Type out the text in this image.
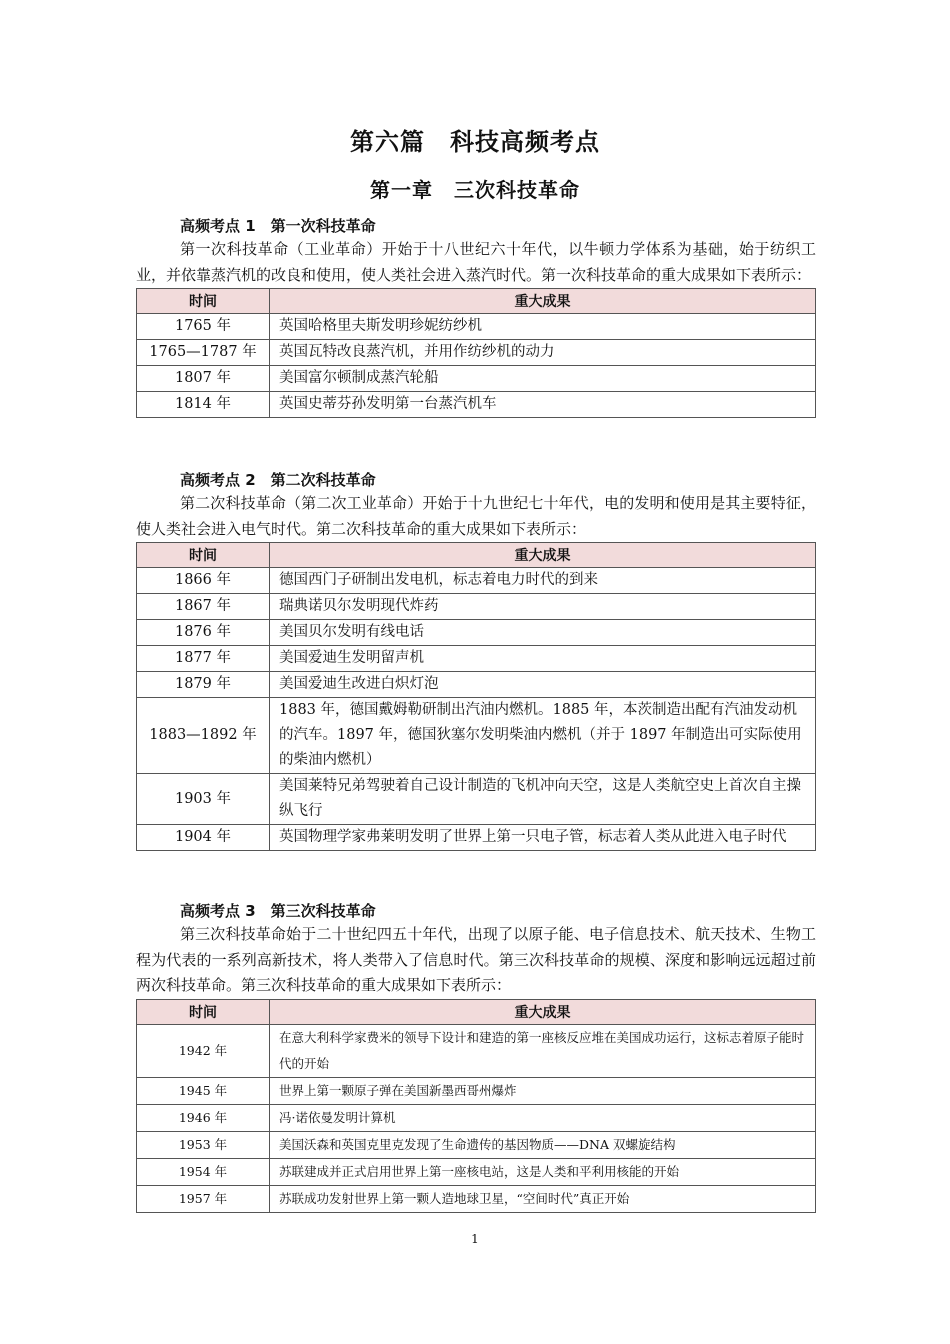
第六篇　科技高频考点
第一章　三次科技革命
高频考点 1　第一次科技革命

第一次科技革命（工业革命）开始于十八世纪六十年代，以牛顿力学体系为基础，始于纺织工业，并依靠蒸汽机的改良和使用，使人类社会进入蒸汽时代。第一次科技革命的重大成果如下表所示：

时间	重大成果
1765 年	英国哈格里夫斯发明珍妮纺纱机
1765—1787 年	英国瓦特改良蒸汽机，并用作纺纱机的动力
1807 年	美国富尔顿制成蒸汽轮船
1814 年	英国史蒂芬孙发明第一台蒸汽机车
高频考点 2　第二次科技革命

第二次科技革命（第二次工业革命）开始于十九世纪七十年代，电的发明和使用是其主要特征，使人类社会进入电气时代。第二次科技革命的重大成果如下表所示：

时间	重大成果
1866 年	德国西门子研制出发电机，标志着电力时代的到来
1867 年	瑞典诺贝尔发明现代炸药
1876 年	美国贝尔发明有线电话
1877 年	美国爱迪生发明留声机
1879 年	美国爱迪生改进白炽灯泡
1883—1892 年	1883 年，德国戴姆勒研制出汽油内燃机。1885 年，本茨制造出配有汽油发动机的汽车。1897 年，德国狄塞尔发明柴油内燃机（并于 1897 年制造出可实际使用的柴油内燃机）
1903 年	美国莱特兄弟驾驶着自己设计制造的飞机冲向天空，这是人类航空史上首次自主操纵飞行
1904 年	英国物理学家弗莱明发明了世界上第一只电子管，标志着人类从此进入电子时代
高频考点 3　第三次科技革命

第三次科技革命始于二十世纪四五十年代，出现了以原子能、电子信息技术、航天技术、生物工程为代表的一系列高新技术，将人类带入了信息时代。第三次科技革命的规模、深度和影响远远超过前两次科技革命。第三次科技革命的重大成果如下表所示：

时间	重大成果
1942 年	在意大利科学家费米的领导下设计和建造的第一座核反应堆在美国成功运行，这标志着原子能时代的开始
1945 年	世界上第一颗原子弹在美国新墨西哥州爆炸
1946 年	冯·诺依曼发明计算机
1953 年	美国沃森和英国克里克发现了生命遗传的基因物质——DNA 双螺旋结构
1954 年	苏联建成并正式启用世界上第一座核电站，这是人类和平利用核能的开始
1957 年	苏联成功发射世界上第一颗人造地球卫星，“空间时代”真正开始
1
